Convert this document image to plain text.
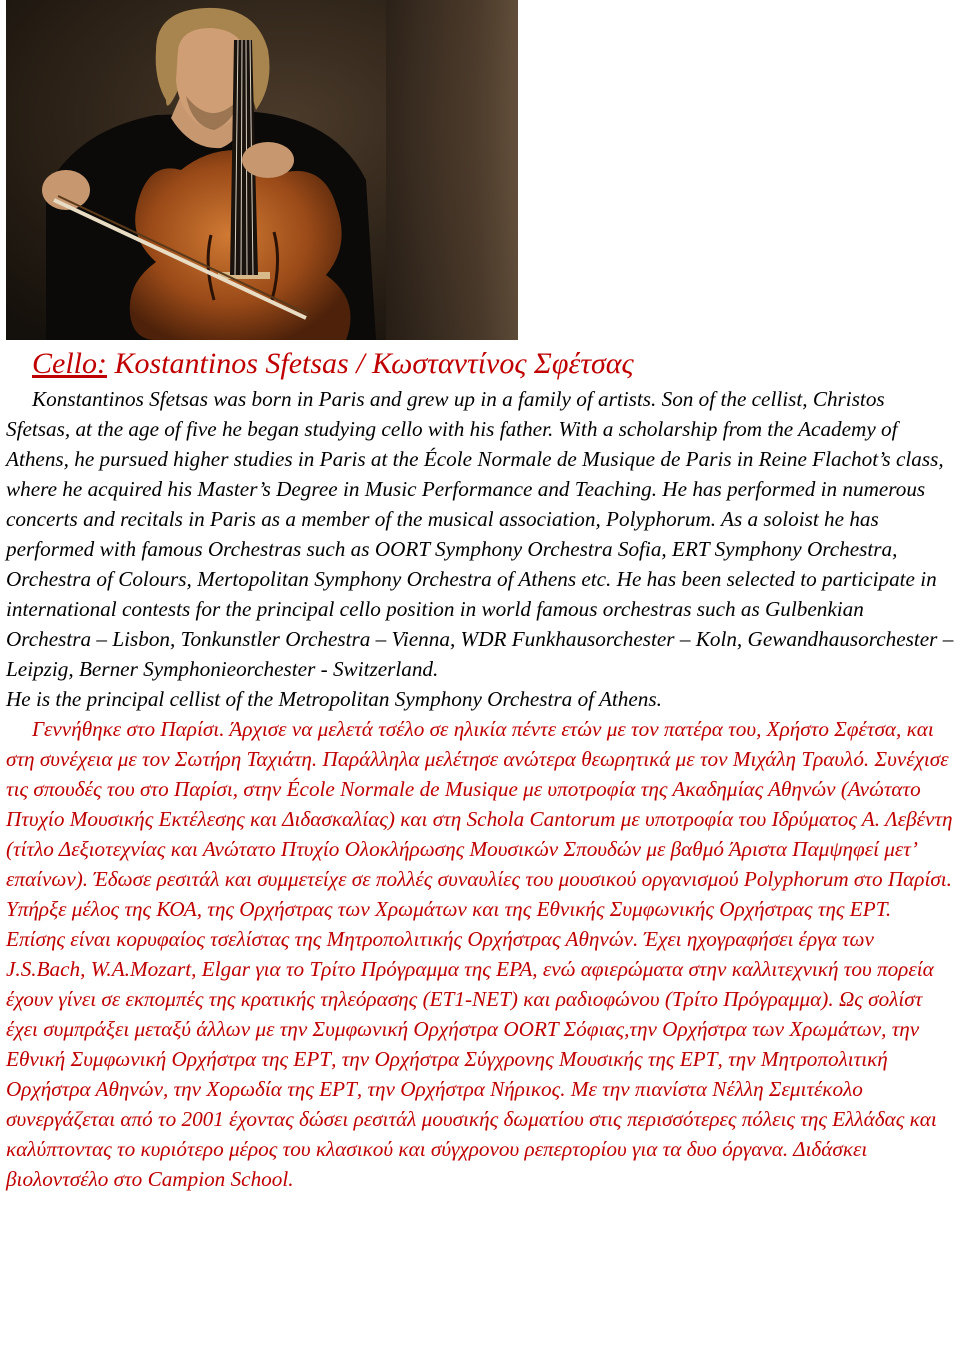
Cello: Kostantinos Sfetsas / Κωσταντίνος Σφέτσας

Konstantinos Sfetsas was born in Paris and grew up in a family of artists. Son of the cellist, Christos Sfetsas, at the age of five he began studying cello with his father. With a scholarship from the Academy of Athens, he pursued higher studies in Paris at the École Normale de Musique de Paris in Reine Flachot’s class, where he acquired his Master’s Degree in Music Performance and Teaching. He has performed in numerous concerts and recitals in Paris as a member of the musical association, Polyphorum. As a soloist he has performed with famous Orchestras such as OORT Symphony Orchestra Sofia, ERT Symphony Orchestra, Orchestra of Colours, Mertopolitan Symphony Orchestra of Athens etc. He has been selected to participate in international contests for the principal cello position in world famous orchestras such as Gulbenkian Orchestra – Lisbon, Tonkunstler Orchestra – Vienna, WDR Funkhausorchester – Koln, Gewandhausorchester – Leipzig, Berner Symphonieorchester - Switzerland.

He is the principal cellist of the Metropolitan Symphony Orchestra of Athens.

Γεννήθηκε στο Παρίσι. Άρχισε να μελετά τσέλο σε ηλικία πέντε ετών με τον πατέρα του, Χρήστο Σφέτσα, και στη συνέχεια με τον Σωτήρη Ταχιάτη. Παράλληλα μελέτησε ανώτερα θεωρητικά με τον Μιχάλη Τραυλό. Συνέχισε τις σπουδές του στο Παρίσι, στην École Normale de Musique με υποτροφία της Ακαδημίας Αθηνών (Ανώτατο Πτυχίο Μουσικής Εκτέλεσης και Διδασκαλίας) και στη Schola Cantorum με υποτροφία του Ιδρύματος Α. Λεβέντη (τίτλο Δεξιοτεχνίας και Ανώτατο Πτυχίο Ολοκλήρωσης Μουσικών Σπουδών με βαθμό Άριστα Παμψηφεί μετ’ επαίνων). Έδωσε ρεσιτάλ και συμμετείχε σε πολλές συναυλίες του μουσικού οργανισμού Polyphorum στο Παρίσι. Υπήρξε μέλος της ΚΟΑ, της Ορχήστρας των Χρωμάτων και της Εθνικής Συμφωνικής Ορχήστρας της ΕΡΤ. Επίσης είναι κορυφαίος τσελίστας της Μητροπολιτικής Ορχήστρας Αθηνών. Έχει ηχογραφήσει έργα των J.S.Bach, W.A.Mozart, Elgar για το Τρίτο Πρόγραμμα της ΕΡΑ, ενώ αφιερώματα στην καλλιτεχνική του πορεία έχουν γίνει σε εκπομπές της κρατικής τηλεόρασης (ΕΤ1-ΝΕΤ) και ραδιοφώνου (Τρίτο Πρόγραμμα). Ως σολίστ έχει συμπράξει μεταξύ άλλων με την Συμφωνική Ορχήστρα OORT Σόφιας,την Ορχήστρα των Χρωμάτων, την Εθνική Συμφωνική Ορχήστρα της ΕΡΤ, την Ορχήστρα Σύγχρονης Μουσικής της ΕΡΤ, την Μητροπολιτική Ορχήστρα Αθηνών, την Χορωδία της ΕΡΤ, την Ορχήστρα Νήρικος. Με την πιανίστα Νέλλη Σεμιτέκολο συνεργάζεται από το 2001 έχοντας δώσει ρεσιτάλ μουσικής δωματίου στις περισσότερες πόλεις της Ελλάδας και καλύπτοντας το κυριότερο μέρος του κλασικού και σύγχρονου ρεπερτορίου για τα δυο όργανα. Διδάσκει βιολοντσέλο στο Campion School.
